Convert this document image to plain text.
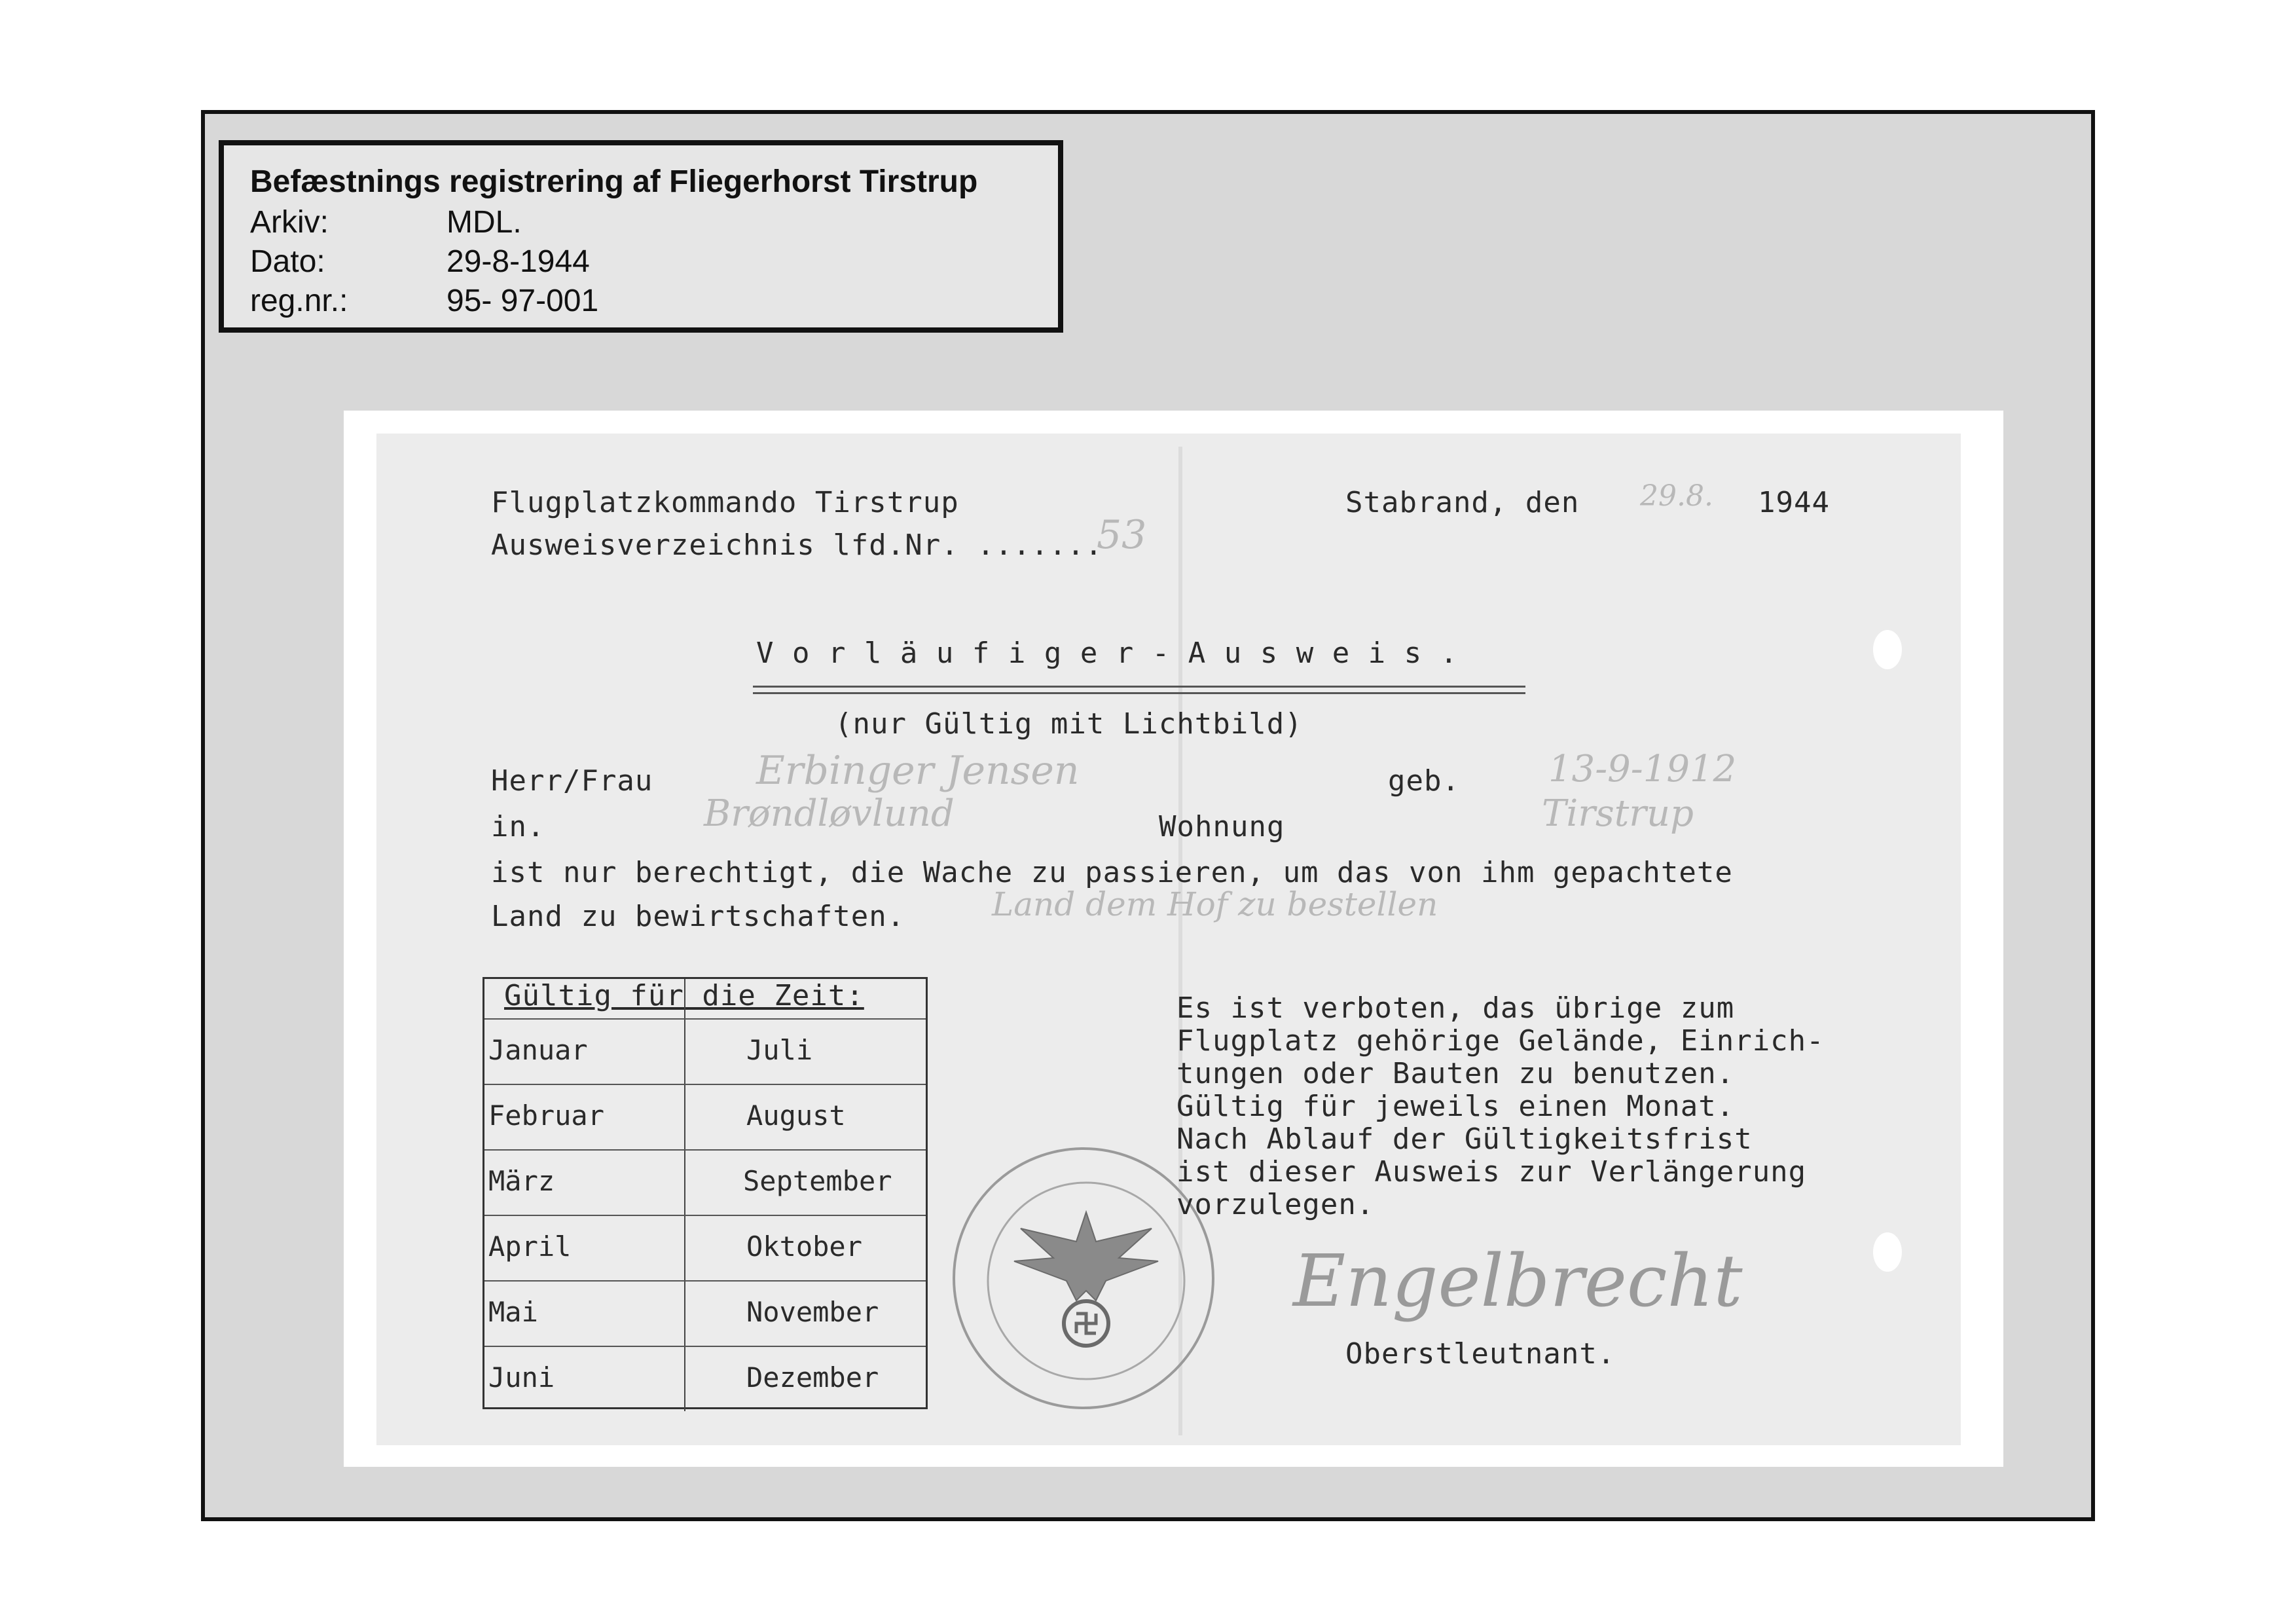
Befæstnings registrering af Fliegerhorst Tirstrup
Arkiv:	MDL.
Dato:	29-8-1944
reg.nr.:	95- 97-001
Flugplatzkommando Tirstrup	Stabrand, den 29.8. 1944
Ausweisverzeichnis lfd.Nr. .......
53
V o r l ä u f i g e r - A u s w e i s .
(nur Gültig mit Lichtbild)
Herr/Frau	Erbinger Jensen	geb. 13-9-1912
in.	Brøndløvlund	Wohnung	Tirstrup
ist nur berechtigt, die Wache zu passieren, um das von ihm gepachtete
Land zu bewirtschaften.	Land dem Hof zu bestellen
Gültig für die Zeit:
Januar	Juli
Februar	August
März	September
April	Oktober
Mai	November
Juni	Dezember
Es ist verboten, das übrige zum
Flugplatz gehörige Gelände, Einrich-
tungen oder Bauten zu benutzen.
Gültig für jeweils einen Monat.
Nach Ablauf der Gültigkeitsfrist
ist dieser Ausweis zur Verlängerung
vorzulegen.
Engelbrecht
Oberstleutnant.
